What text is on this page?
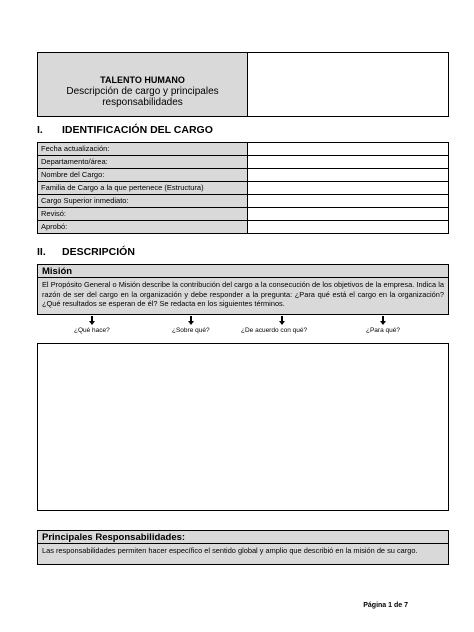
TALENTO HUMANO
Descripción de cargo y principales
responsabilidades
I. IDENTIFICACIÓN DEL CARGO
Fecha actualización:	
Departamento/área:	
Nombre del Cargo:	
Familia de Cargo a la que pertenece (Estructura)	
Cargo Superior inmediato:	
Revisó:	
Aprobó:	
II. DESCRIPCIÓN
Misión
El Propósito General o Misión describe la contribución del cargo a la consecución de los objetivos de la empresa. Indica la razón de ser del cargo en la organización y debe responder a la pregunta: ¿Para qué está el cargo en la organización? ¿Qué resultados se esperan de él? Se redacta en los siguientes términos.
¿Qué hace?	¿Sobre qué?	¿De acuerdo con qué?	¿Para qué?
Principales Responsabilidades:
Las responsabilidades permiten hacer específico el sentido global y amplio que describió en la misión de su cargo.
Página 1 de 7
